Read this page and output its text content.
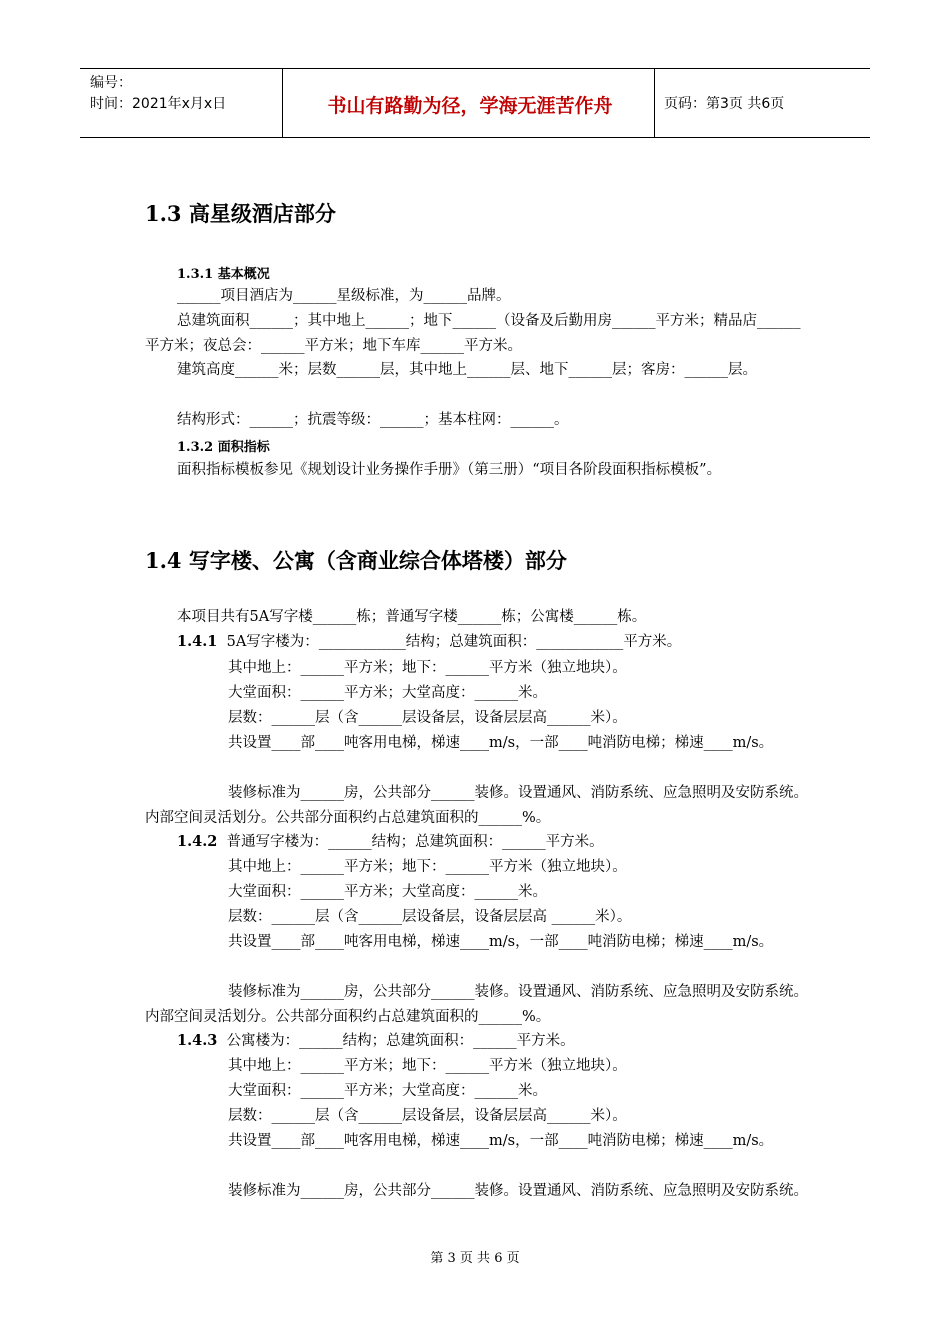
编号：
时间：2021年x月x日	书山有路勤为径，学海无涯苦作舟	页码：第3页 共6页
1.3 高星级酒店部分
1.3.1 基本概况
______项目酒店为______星级标准，为______品牌。
总建筑面积______；其中地上______；地下______（设备及后勤用房______平方米；精品店______平方米；夜总会：______平方米；地下车库______平方米。
建筑高度______米；层数______层，其中地上______层、地下______层；客房：______层。
结构形式：______；抗震等级：______；基本柱网：______。
1.3.2 面积指标
面积指标模板参见《规划设计业务操作手册》（第三册）“项目各阶段面积指标模板”。
1.4 写字楼、公寓（含商业综合体塔楼）部分
本项目共有5A写字楼______栋；普通写字楼______栋；公寓楼______栋。
1.4.1  5A写字楼为：____________结构；总建筑面积：____________平方米。
其中地上：______平方米；地下：______平方米（独立地块）。
大堂面积：______平方米；大堂高度：______米。
层数：______层（含______层设备层，设备层层高______米）。
共设置____部____吨客用电梯，梯速____m/s，一部____吨消防电梯；梯速____m/s。
装修标准为______房，公共部分______装修。设置通风、消防系统、应急照明及安防系统。内部空间灵活划分。公共部分面积约占总建筑面积的______%。
1.4.2  普通写字楼为：______结构；总建筑面积：______平方米。
其中地上：______平方米；地下：______平方米（独立地块）。
大堂面积：______平方米；大堂高度：______米。
层数：______层（含______层设备层，设备层层高 ______米）。
共设置____部____吨客用电梯，梯速____m/s，一部____吨消防电梯；梯速____m/s。
装修标准为______房，公共部分______装修。设置通风、消防系统、应急照明及安防系统。内部空间灵活划分。公共部分面积约占总建筑面积的______%。
1.4.3  公寓楼为：______结构；总建筑面积：______平方米。
其中地上：______平方米；地下：______平方米（独立地块）。
大堂面积：______平方米；大堂高度：______米。
层数：______层（含______层设备层，设备层层高______米）。
共设置____部____吨客用电梯，梯速____m/s，一部____吨消防电梯；梯速____m/s。
装修标准为______房，公共部分______装修。设置通风、消防系统、应急照明及安防系统。
第 3 页 共 6 页
